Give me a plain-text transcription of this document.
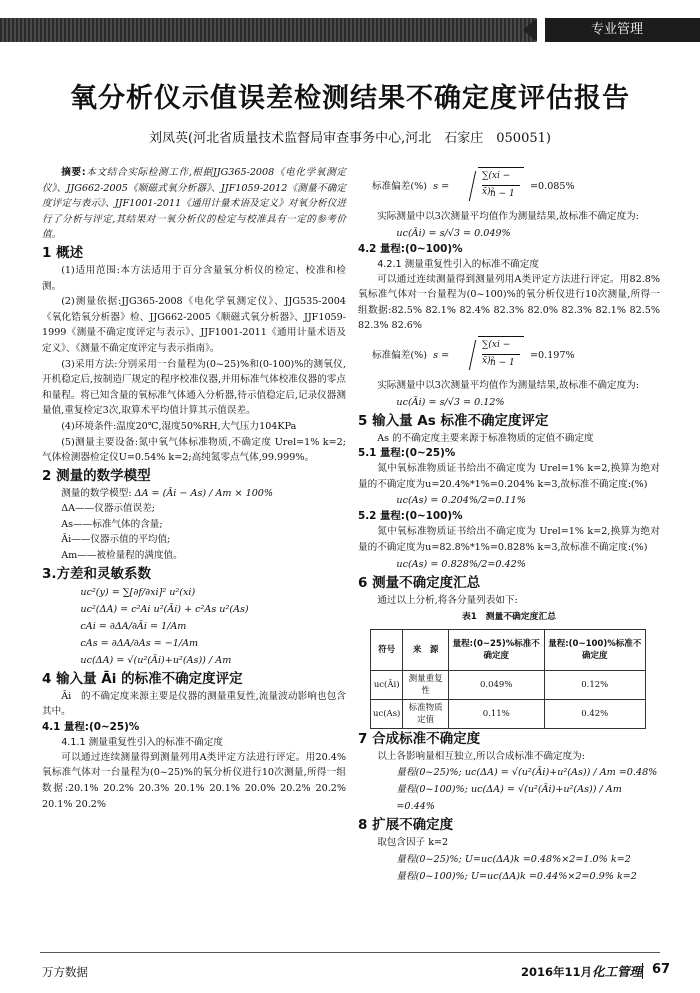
专业管理
氧分析仪示值误差检测结果不确定度评估报告
刘凤英(河北省质量技术监督局审查事务中心,河北　石家庄　050051)

摘要:本文结合实际检测工作,根据JJG365-2008《电化学氧测定仪》、JJG662-2005《顺磁式氧分析器》、JJF1059-2012《测量不确定度评定与表示》、JJF1001-2011《通用计量术语及定义》对氧分析仪进行了分析与评定,其结果对一氧分析仪的检定与校准具有一定的参考价值。

1 概述

(1)适用范围:本方法适用于百分含量氧分析仪的检定、校准和检测。

(2)测量依据:JJG365-2008《电化学氧测定仪》、JJG535-2004《氧化锆氧分析器》检、JJG662-2005《顺磁式氧分析器》、JJF1059-1999《测量不确定度评定与表示》、JJF1001-2011《通用计量术语及定义》、《测量不确定度评定与表示指南》。

(3)采用方法:分别采用一台量程为(0~25)%和(0-100)%的测氧仪,开机稳定后,按制造厂规定的程序校准仪器,并用标准气体校准仪器的零点和量程。将已知含量的氧标准气体通入分析器,待示值稳定后,记录仪器测量值,重复检定3次,取算术平均值计算其示值误差。

(4)环境条件:温度20℃,湿度50%RH,大气压力104KPa

(5)测量主要设备:氮中氧气体标准物质,不确定度 Urel=1% k=2;气体检测器检定仪U=0.54% k=2;高纯氮零点气体,99.999%。

2 测量的数学模型

测量的数学模型: ΔA = (Āi − As) / Am × 100%

ΔA——仪器示值误差;

As——标准气体的含量;

Āi——仪器示值的平均值;

Am——被检量程的满度值。

3.方差和灵敏系数
uc²(y) = ∑[∂f/∂xi]² u²(xi)
uc²(ΔA) = c²Ai u²(Āi) + c²As u²(As)
cAi = ∂ΔA/∂Āi = 1/Am
cAs = ∂ΔA/∂As = −1/Am
uc(ΔA) = √(u²(Āi)+u²(As)) / Am
4 输入量 Āi 的标准不确定度评定

Āi　的不确定度来源主要是仪器的测量重复性,流量波动影响也包含其中。

4.1 量程:(0~25)%
4.1.1 测量重复性引入的标准不确定度

可以通过连续测量得到测量列用A类评定方法进行评定。用20.4%氧标准气体对一台量程为(0~25)%的氧分析仪进行10次测量,所得一组数据:20.1% 20.2% 20.3% 20.1% 20.1% 20.0% 20.2% 20.2% 20.1% 20.2%

标准偏差(%) s =
∑(xi − x̄)²
n − 1
=0.085%

实际测量中以3次测量平均值作为测量结果,故标准不确定度为:

uc(Āi) = s/√3 = 0.049%
4.2 量程:(0~100)%
4.2.1 测量重复性引入的标准不确定度

可以通过连续测量得到测量列用A类评定方法进行评定。用82.8%氧标准气体对一台量程为(0~100)%的氧分析仪进行10次测量,所得一组数据:82.5% 82.1% 82.4% 82.3% 82.0% 82.3% 82.1% 82.5% 82.3% 82.6%

标准偏差(%) s =
∑(xi − x̄)²
n − 1
=0.197%

实际测量中以3次测量平均值作为测量结果,故标准不确定度为:

uc(Āi) = s/√3 = 0.12%
5 输入量 As 标准不确定度评定

As 的不确定度主要来源于标准物质的定值不确定度

5.1 量程:(0~25)%

氮中氧标准物质证书给出不确定度为 Urel=1% k=2,换算为绝对量的不确定度为u=20.4%*1%=0.204% k=3,故标准不确定度:(%)

uc(As) = 0.204%/2=0.11%
5.2 量程:(0~100)%

氮中氧标准物质证书给出不确定度为 Urel=1% k=2,换算为绝对量的不确定度为u=82.8%*1%=0.828% k=3,故标准不确定度:(%)

uc(As) = 0.828%/2=0.42%
6 测量不确定度汇总

通过以上分析,将各分量列表如下:

表1　测量不确定度汇总
符号	来　源	量程:(0~25)%标准不确定度	量程:(0~100)%标准不确定度
uc(Āi)	测量重复性	0.049%	0.12%
uc(As)	标准物质定值	0.11%	0.42%
7 合成标准不确定度

以上各影响量相互独立,所以合成标准不确定度为:

量程(0~25)%; uc(ΔA) = √(u²(Āi)+u²(As)) / Am =0.48%
量程(0~100)%; uc(ΔA) = √(u²(Āi)+u²(As)) / Am =0.44%
8 扩展不确定度

取包含因子 k=2

量程(0~25)%; U=uc(ΔA)k =0.48%×2=1.0% k=2
量程(0~100)%; U=uc(ΔA)k =0.44%×2=0.9% k=2
万方数据	2016年11月 化工管理 67
